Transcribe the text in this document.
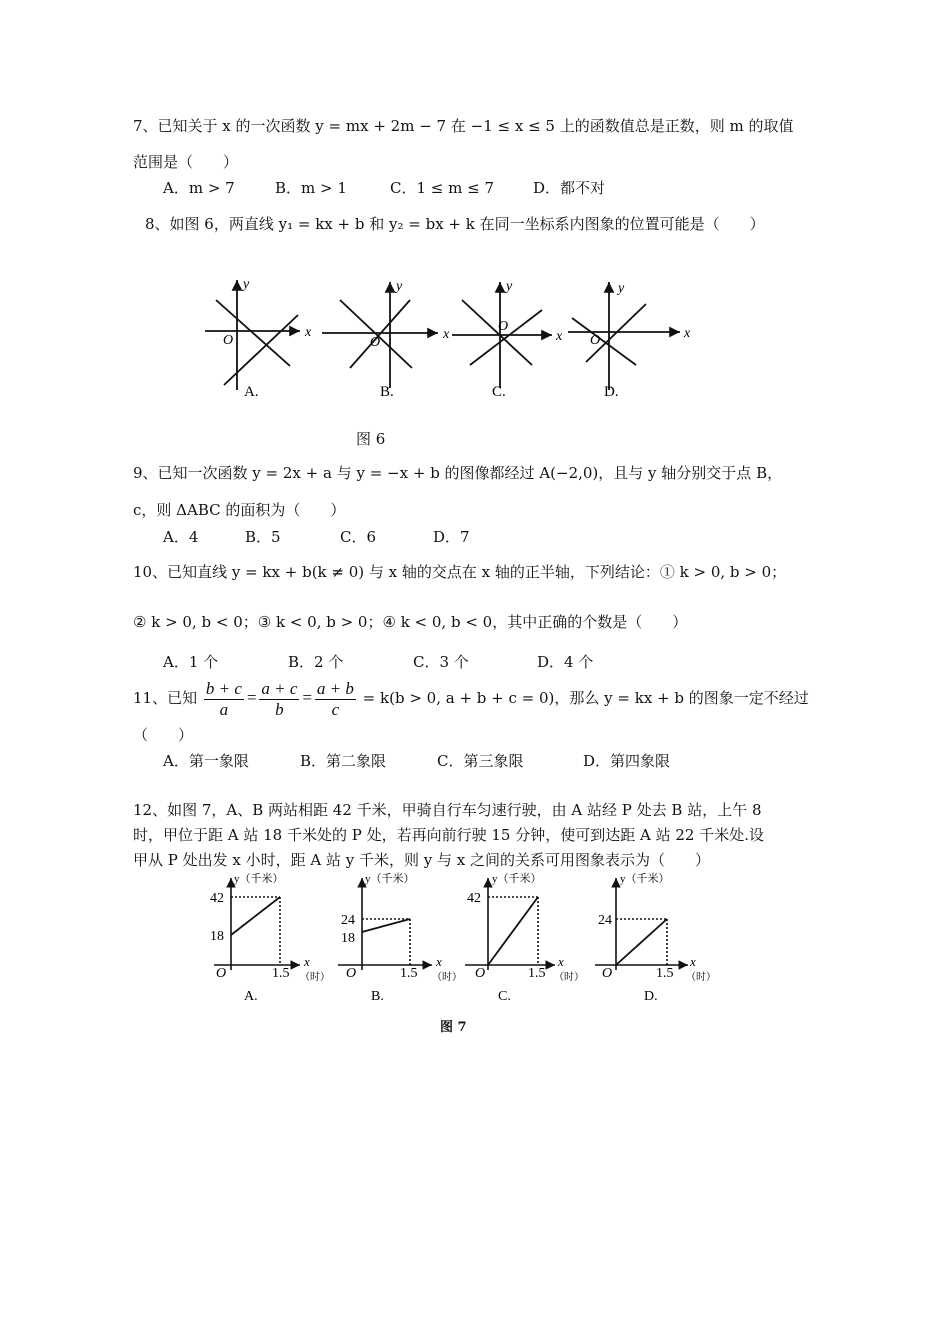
7、已知关于 x 的一次函数 y = mx + 2m − 7 在 −1 ≤ x ≤ 5 上的函数值总是正数，则 m 的取值
范围是（　　）
A．m > 7	B．m > 1	C．1 ≤ m ≤ 7	D．都不对
8、如图 6，两直线 y₁ = kx + b 和 y₂ = bx + k 在同一坐标系内图象的位置可能是（　　）
x
y
O
A.
x
y
O
B.
x
y
O
C.
x
y
O
D.
图 6
9、已知一次函数 y = 2x + a 与 y = −x + b 的图像都经过 A(−2,0)，且与 y 轴分别交于点 B，
c，则 ΔABC 的面积为（　　）
A．4	B．5	C．6	D．7
10、已知直线 y = kx + b(k ≠ 0) 与 x 轴的交点在 x 轴的正半轴，下列结论：① k > 0, b > 0；
② k > 0, b < 0；③ k < 0, b > 0；④ k < 0, b < 0，其中正确的个数是（　　）
A．1 个	B．2 个	C．3 个	D．4 个
11、已知 $\frac{b + c}{a} = \frac{a + c}{b} = \frac{a + b}{c} = k(b > 0$, a + b + c = 0)，那么 y = kx + b 的图象一定不经过
（　　）
A．第一象限	B．第二象限	C．第三象限	D．第四象限
12、如图 7，A、B 两站相距 42 千米，甲骑自行车匀速行驶，由 A 站经 P 处去 B 站，上午 8
时，甲位于距 A 站 18 千米处的 P 处，若再向前行驶 15 分钟，使可到达距 A 站 22 千米处.设
甲从 P 处出发 x 小时，距 A 站 y 千米，则 y 与 x 之间的关系可用图象表示为（　　）
y（千米）
42
18
O	1.5
x
（时）
A.
y（千米）
24
18
O	1.5
x
（时）
B.
y（千米）
42
O	1.5
x
（时）
C.
y（千米）
24
O	1.5
x
（时）
D.
图 7
